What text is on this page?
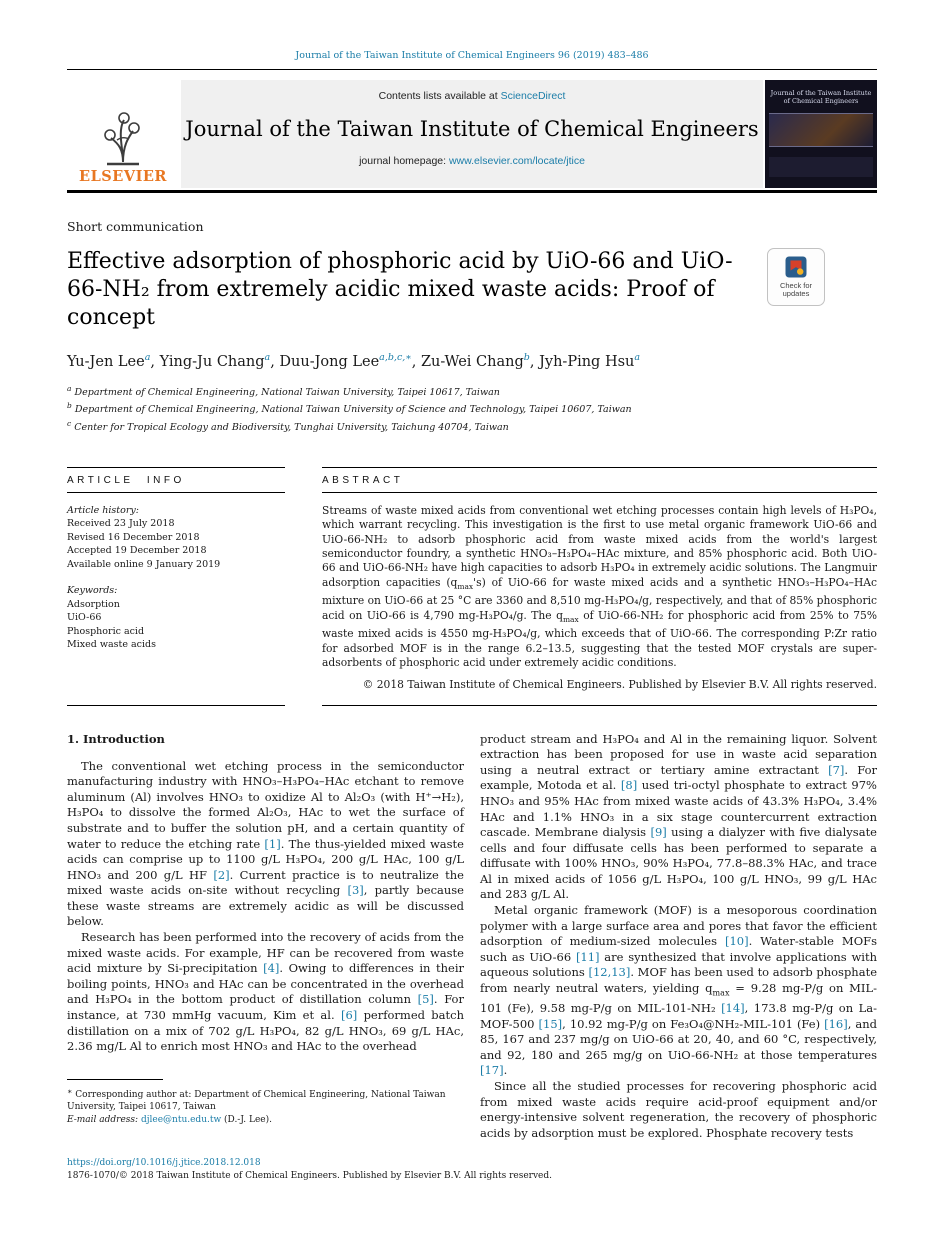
Journal of the Taiwan Institute of Chemical Engineers 96 (2019) 483–486
ELSEVIER
Contents lists available at ScienceDirect
Journal of the Taiwan Institute of Chemical Engineers
journal homepage: www.elsevier.com/locate/jtice
Journal of the Taiwan Institute of Chemical Engineers
Short communication
Effective adsorption of phosphoric acid by UiO-66 and UiO-66-NH₂ from extremely acidic mixed waste acids: Proof of concept
Check for
updates
Yu-Jen Lee$^a$, Ying-Ju Chang$^a$, Duu-Jong Lee$^{a,b,c,∗}$, Zu-Wei Chang$^b$, Jyh-Ping Hsu$^a$
$^a$ Department of Chemical Engineering, National Taiwan University, Taipei 10617, Taiwan
$^b$ Department of Chemical Engineering, National Taiwan University of Science and Technology, Taipei 10607, Taiwan
$^c$ Center for Tropical Ecology and Biodiversity, Tunghai University, Taichung 40704, Taiwan
ARTICLE INFO

Article history:

Received 23 July 2018

Revised 16 December 2018

Accepted 19 December 2018

Available online 9 January 2019

Keywords:

Adsorption

UiO-66

Phosphoric acid

Mixed waste acids

ABSTRACT
Streams of waste mixed acids from conventional wet etching processes contain high levels of H₃PO₄, which warrant recycling. This investigation is the first to use metal organic framework UiO-66 and UiO-66-NH₂ to adsorb phosphoric acid from waste mixed acids from the world's largest semiconductor foundry, a synthetic HNO₃–H₃PO₄–HAc mixture, and 85% phosphoric acid. Both UiO-66 and UiO-66-NH₂ have high capacities to adsorb H₃PO₄ in extremely acidic solutions. The Langmuir adsorption capacities $(q_{max}'s)$ of UiO-66 for waste mixed acids and a synthetic HNO₃–H₃PO₄–HAc mixture on UiO-66 at 25 °C are 3360 and 8,510 mg-H₃PO₄/g, respectively, and that of 85% phosphoric acid on UiO-66 is 4,790 mg-H₃PO₄/g. The $q_{max}$ of UiO-66-NH₂ for phosphoric acid from 25% to 75% waste mixed acids is 4550 mg-H₃PO₄/g, which exceeds that of UiO-66. The corresponding P:Zr ratio for adsorbed MOF is in the range 6.2–13.5, suggesting that the tested MOF crystals are super-adsorbents of phosphoric acid under extremely acidic conditions.
© 2018 Taiwan Institute of Chemical Engineers. Published by Elsevier B.V. All rights reserved.
1. Introduction

The conventional wet etching process in the semiconductor manufacturing industry with HNO₃–H₃PO₄–HAc etchant to remove aluminum (Al) involves HNO₃ to oxidize Al to Al₂O₃ (with H⁺→H₂), H₃PO₄ to dissolve the formed Al₂O₃, HAc to wet the surface of substrate and to buffer the solution pH, and a certain quantity of water to reduce the etching rate [1]. The thus-yielded mixed waste acids can comprise up to 1100 g/L H₃PO₄, 200 g/L HAc, 100 g/L HNO₃ and 200 g/L HF [2]. Current practice is to neutralize the mixed waste acids on-site without recycling [3], partly because these waste streams are extremely acidic as will be discussed below.

Research has been performed into the recovery of acids from the mixed waste acids. For example, HF can be recovered from waste acid mixture by Si-precipitation [4]. Owing to differences in their boiling points, HNO₃ and HAc can be concentrated in the overhead and H₃PO₄ in the bottom product of distillation column [5]. For instance, at 730 mmHg vacuum, Kim et al. [6] performed batch distillation on a mix of 702 g/L H₃PO₄, 82 g/L HNO₃, 69 g/L HAc, 2.36 mg/L Al to enrich most HNO₃ and HAc to the overhead

∗ Corresponding author at: Department of Chemical Engineering, National Taiwan University, Taipei 10617, Taiwan
E-mail address: djlee@ntu.edu.tw (D.-J. Lee).

product stream and H₃PO₄ and Al in the remaining liquor. Solvent extraction has been proposed for use in waste acid separation using a neutral extract or tertiary amine extractant [7]. For example, Motoda et al. [8] used tri-octyl phosphate to extract 97% HNO₃ and 95% HAc from mixed waste acids of 43.3% H₃PO₄, 3.4% HAc and 1.1% HNO₃ in a six stage countercurrent extraction cascade. Membrane dialysis [9] using a dialyzer with five dialysate cells and four diffusate cells has been performed to separate a diffusate with 100% HNO₃, 90% H₃PO₄, 77.8–88.3% HAc, and trace Al in mixed acids of 1056 g/L H₃PO₄, 100 g/L HNO₃, 99 g/L HAc and 283 g/L Al.

Metal organic framework (MOF) is a mesoporous coordination polymer with a large surface area and pores that favor the efficient adsorption of medium-sized molecules [10]. Water-stable MOFs such as UiO-66 [11] are synthesized that involve applications with aqueous solutions [12,13]. MOF has been used to adsorb phosphate from nearly neutral waters, yielding $q_{max} = 9.28$ mg-P/g on MIL-101 (Fe), 9.58 mg-P/g on MIL-101-NH₂ [14], 173.8 mg-P/g on La-MOF-500 [15], 10.92 mg-P/g on Fe₃O₄@NH₂-MIL-101 (Fe) [16], and 85, 167 and 237 mg/g on UiO-66 at 20, 40, and 60 °C, respectively, and 92, 180 and 265 mg/g on UiO-66-NH₂ at those temperatures [17].

Since all the studied processes for recovering phosphoric acid from mixed waste acids require acid-proof equipment and/or energy-intensive solvent regeneration, the recovery of phosphoric acids by adsorption must be explored. Phosphate recovery tests

https://doi.org/10.1016/j.jtice.2018.12.018
1876-1070/© 2018 Taiwan Institute of Chemical Engineers. Published by Elsevier B.V. All rights reserved.
